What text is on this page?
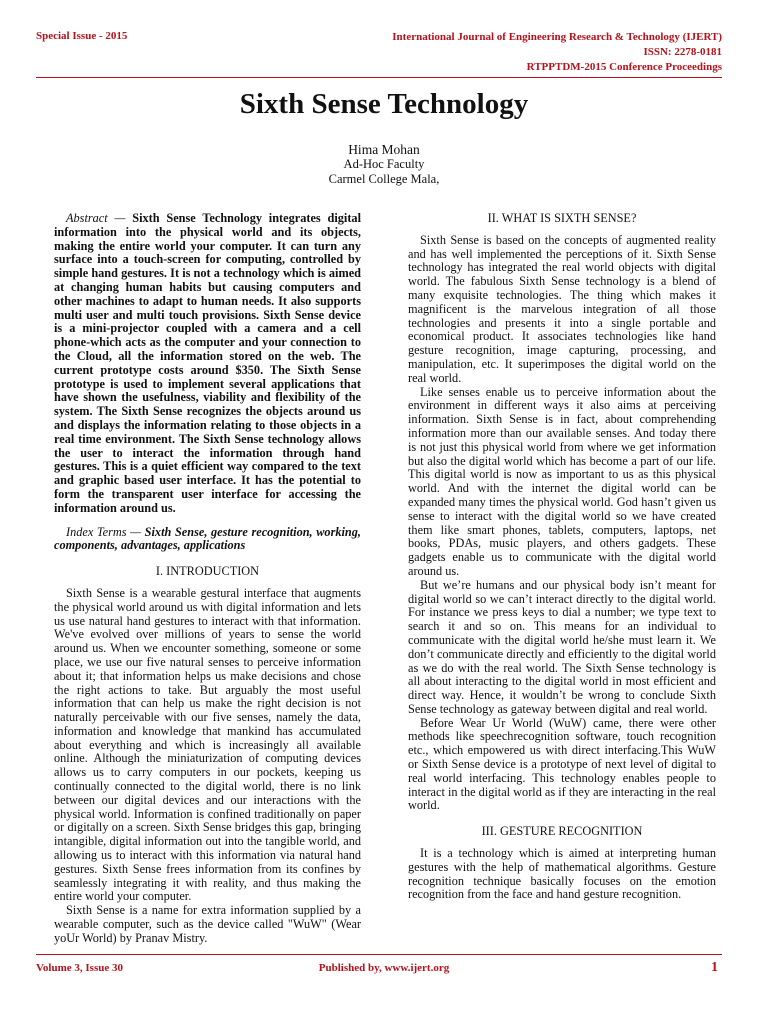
Special Issue - 2015	International Journal of Engineering Research & Technology (IJERT)
ISSN: 2278-0181
RTPPTDM-2015 Conference Proceedings
Sixth Sense Technology
Hima Mohan
Ad-Hoc Faculty
Carmel College Mala,

Abstract — Sixth Sense Technology integrates digital information into the physical world and its objects, making the entire world your computer. It can turn any surface into a touch-screen for computing, controlled by simple hand gestures. It is not a technology which is aimed at changing human habits but causing computers and other machines to adapt to human needs. It also supports multi user and multi touch provisions. Sixth Sense device is a mini-projector coupled with a camera and a cell phone-which acts as the computer and your connection to the Cloud, all the information stored on the web. The current prototype costs around $350. The Sixth Sense prototype is used to implement several applications that have shown the usefulness, viability and flexibility of the system. The Sixth Sense recognizes the objects around us and displays the information relating to those objects in a real time environment. The Sixth Sense technology allows the user to interact the information through hand gestures. This is a quiet efficient way compared to the text and graphic based user interface. It has the potential to form the transparent user interface for accessing the information around us.

Index Terms — Sixth Sense, gesture recognition, working, components, advantages, applications

I. INTRODUCTION

Sixth Sense is a wearable gestural interface that augments the physical world around us with digital information and lets us use natural hand gestures to interact with that information. We've evolved over millions of years to sense the world around us. When we encounter something, someone or some place, we use our five natural senses to perceive information about it; that information helps us make decisions and chose the right actions to take. But arguably the most useful information that can help us make the right decision is not naturally perceivable with our five senses, namely the data, information and knowledge that mankind has accumulated about everything and which is increasingly all available online. Although the miniaturization of computing devices allows us to carry computers in our pockets, keeping us continually connected to the digital world, there is no link between our digital devices and our interactions with the physical world. Information is confined traditionally on paper or digitally on a screen. Sixth Sense bridges this gap, bringing intangible, digital information out into the tangible world, and allowing us to interact with this information via natural hand gestures. Sixth Sense frees information from its confines by seamlessly integrating it with reality, and thus making the entire world your computer.

Sixth Sense is a name for extra information supplied by a wearable computer, such as the device called "WuW" (Wear yoUr World) by Pranav Mistry.

II. WHAT IS SIXTH SENSE?

Sixth Sense is based on the concepts of augmented reality and has well implemented the perceptions of it. Sixth Sense technology has integrated the real world objects with digital world. The fabulous Sixth Sense technology is a blend of many exquisite technologies. The thing which makes it magnificent is the marvelous integration of all those technologies and presents it into a single portable and economical product. It associates technologies like hand gesture recognition, image capturing, processing, and manipulation, etc. It superimposes the digital world on the real world.

Like senses enable us to perceive information about the environment in different ways it also aims at perceiving information. Sixth Sense is in fact, about comprehending information more than our available senses. And today there is not just this physical world from where we get information but also the digital world which has become a part of our life. This digital world is now as important to us as this physical world. And with the internet the digital world can be expanded many times the physical world. God hasn’t given us sense to interact with the digital world so we have created them like smart phones, tablets, computers, laptops, net books, PDAs, music players, and others gadgets. These gadgets enable us to communicate with the digital world around us.

But we’re humans and our physical body isn’t meant for digital world so we can’t interact directly to the digital world. For instance we press keys to dial a number; we type text to search it and so on. This means for an individual to communicate with the digital world he/she must learn it. We don’t communicate directly and efficiently to the digital world as we do with the real world. The Sixth Sense technology is all about interacting to the digital world in most efficient and direct way. Hence, it wouldn’t be wrong to conclude Sixth Sense technology as gateway between digital and real world.

Before Wear Ur World (WuW) came, there were other methods like speechrecognition software, touch recognition etc., which empowered us with direct interfacing.This WuW or Sixth Sense device is a prototype of next level of digital to real world interfacing. This technology enables people to interact in the digital world as if they are interacting in the real world.

III. GESTURE RECOGNITION

It is a technology which is aimed at interpreting human gestures with the help of mathematical algorithms. Gesture recognition technique basically focuses on the emotion recognition from the face and hand gesture recognition.

Volume 3, Issue 30	Published by, www.ijert.org	1
